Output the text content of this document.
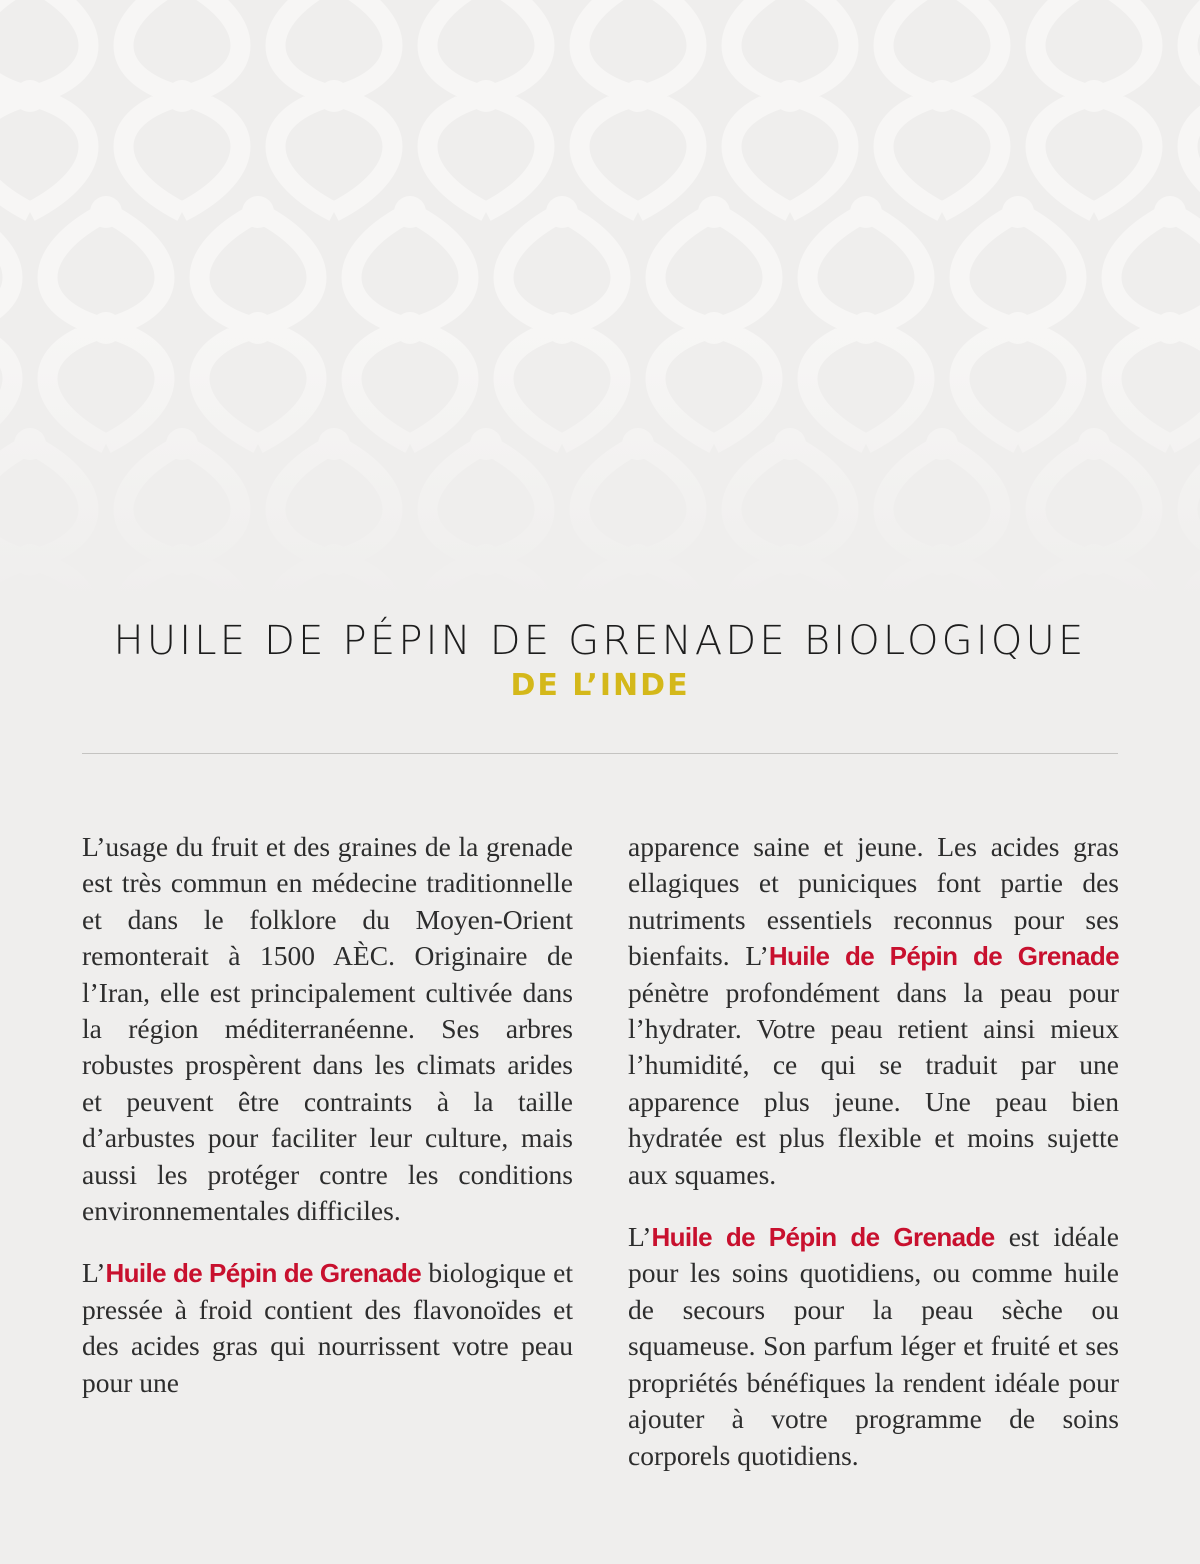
HUILE DE PÉPIN DE GRENADE BIOLOGIQUE
DE L’INDE

L’usage du fruit et des graines de la grenade est très commun en médecine traditionnelle et dans le folklore du Moyen-Orient remonterait à 1500 AÈC. Originaire de l’Iran, elle est principalement cultivée dans la région méditerranéenne. Ses arbres robustes prospèrent dans les climats arides et peuvent être contraints à la taille d’arbustes pour faciliter leur culture, mais aussi les protéger contre les conditions environnementales difficiles.

L’Huile de Pépin de Grenade biologique et pressée à froid contient des flavonoïdes et des acides gras qui nourrissent votre peau pour une

apparence saine et jeune. Les acides gras ellagiques et puniciques font partie des nutriments essentiels reconnus pour ses bienfaits. L’Huile de Pépin de Grenade pénètre profondément dans la peau pour l’hydrater. Votre peau retient ainsi mieux l’humidité, ce qui se traduit par une apparence plus jeune. Une peau bien hydratée est plus flexible et moins sujette aux squames.

L’Huile de Pépin de Grenade est idéale pour les soins quotidiens, ou comme huile de secours pour la peau sèche ou squameuse. Son parfum léger et fruité et ses propriétés bénéfiques la rendent idéale pour ajouter à votre programme de soins corporels quotidiens.
